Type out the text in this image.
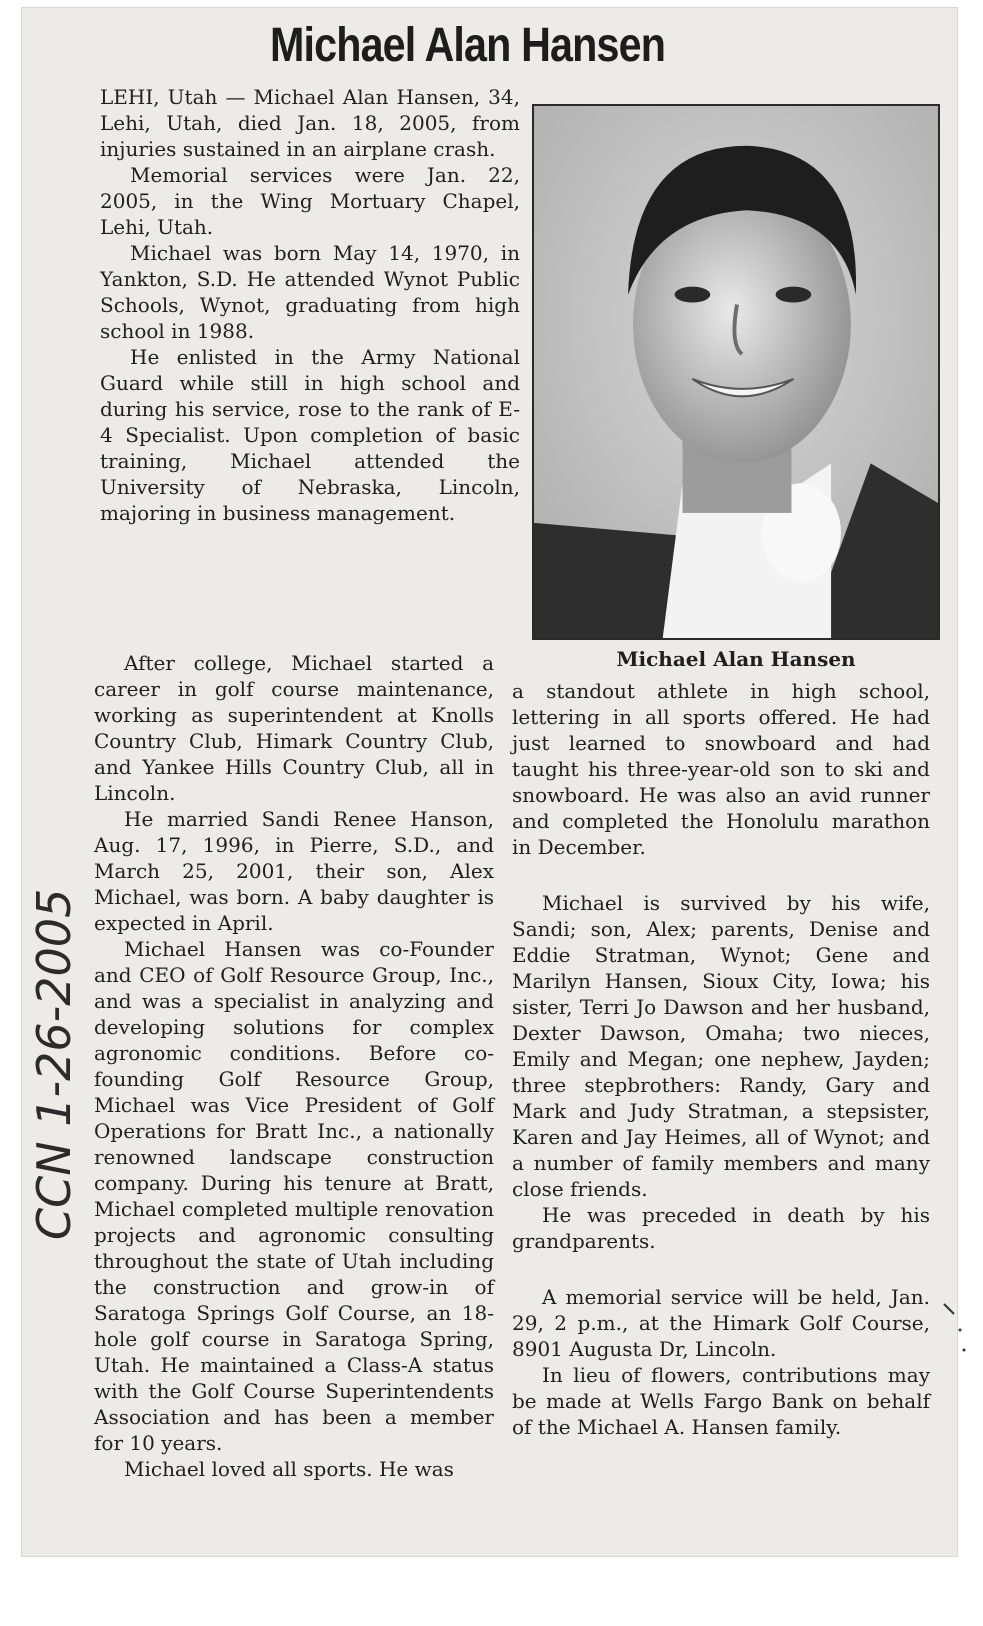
Michael Alan Hansen

LEHI, Utah — Michael Alan Hansen, 34, Lehi, Utah, died Jan. 18, 2005, from injuries sustained in an airplane crash.

Memorial services were Jan. 22, 2005, in the Wing Mortuary Chapel, Lehi, Utah.

Michael was born May 14, 1970, in Yankton, S.D. He attended Wynot Public Schools, Wynot, graduating from high school in 1988.

He enlisted in the Army National Guard while still in high school and during his service, rose to the rank of E-4 Specialist. Upon completion of basic training, Michael attended the University of Nebraska, Lincoln, majoring in business management.

After college, Michael started a career in golf course maintenance, working as superintendent at Knolls Country Club, Himark Country Club, and Yankee Hills Country Club, all in Lincoln.

He married Sandi Renee Hanson, Aug. 17, 1996, in Pierre, S.D., and March 25, 2001, their son, Alex Michael, was born. A baby daughter is expected in April.

Michael Hansen was co-Founder and CEO of Golf Resource Group, Inc., and was a specialist in analyzing and developing solutions for complex agronomic conditions. Before co-founding Golf Resource Group, Michael was Vice President of Golf Operations for Bratt Inc., a nationally renowned landscape construction company. During his tenure at Bratt, Michael completed multiple renovation projects and agronomic consulting throughout the state of Utah including the construction and grow-in of Saratoga Springs Golf Course, an 18-hole golf course in Saratoga Spring, Utah. He maintained a Class-A status with the Golf Course Superintendents Association and has been a member for 10 years.

Michael loved all sports. He was

Michael Alan Hansen

a standout athlete in high school, lettering in all sports offered. He had just learned to snowboard and had taught his three-year-old son to ski and snowboard. He was also an avid runner and completed the Honolulu marathon in December.

Michael is survived by his wife, Sandi; son, Alex; parents, Denise and Eddie Stratman, Wynot; Gene and Marilyn Hansen, Sioux City, Iowa; his sister, Terri Jo Dawson and her husband, Dexter Dawson, Omaha; two nieces, Emily and Megan; one nephew, Jayden; three stepbrothers: Randy, Gary and Mark and Judy Stratman, a stepsister, Karen and Jay Heimes, all of Wynot; and a number of family members and many close friends.

He was preceded in death by his grandparents.

A memorial service will be held, Jan. 29, 2 p.m., at the Himark Golf Course, 8901 Augusta Dr, Lincoln.

In lieu of flowers, contributions may be made at Wells Fargo Bank on behalf of the Michael A. Hansen family.

CCN 1-26-2005
